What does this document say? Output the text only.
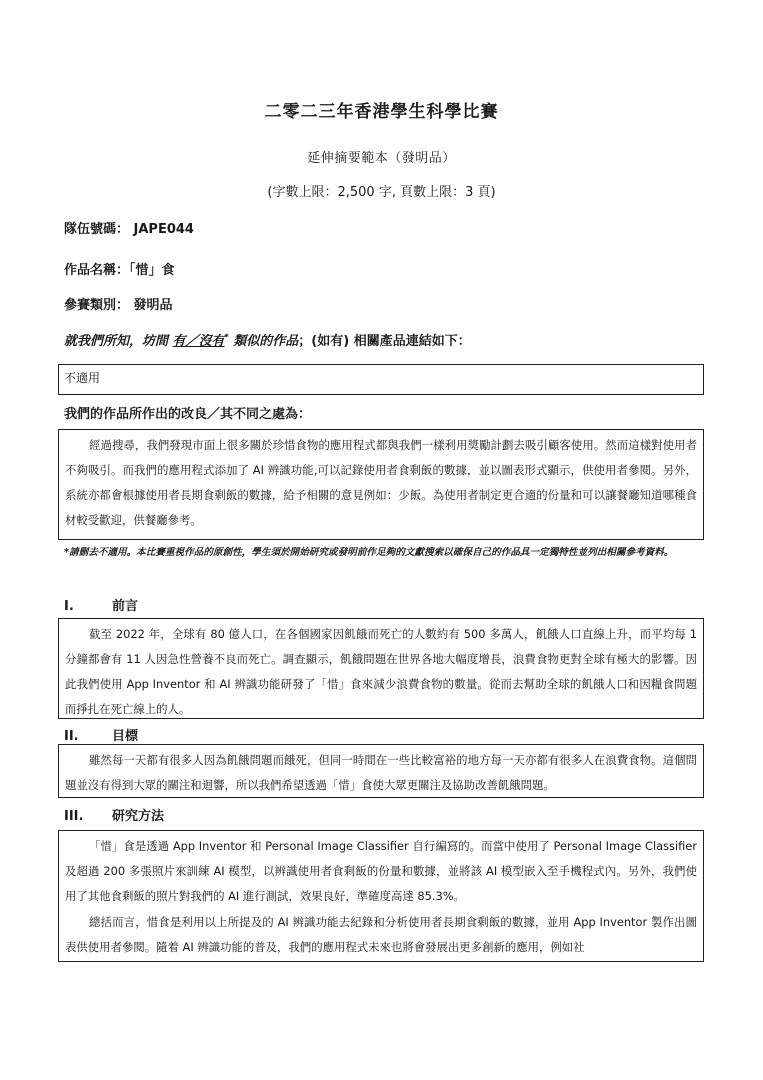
二零二三年香港學生科學比賽
延伸摘要範本（發明品）
(字數上限：2,500 字, 頁數上限：3 頁)
隊伍號碼： JAPE044
作品名稱：「惜」食
參賽類別： 發明品
就我們所知，坊間 有／沒有* 類似的作品；(如有) 相關產品連結如下：
不適用
我們的作品所作出的改良／其不同之處為：
經過搜尋，我們發現市面上很多關於珍惜食物的應用程式都與我們一樣利用獎勵計劃去吸引顧客使用。然而這樣對使用者不夠吸引。而我們的應用程式添加了 AI 辨識功能,可以記錄使用者食剩飯的數據，並以圖表形式顯示，供使用者參閱。另外，系統亦都會根據使用者長期食剩飯的數據，給予相關的意見例如：少飯。為使用者制定更合適的份量和可以讓餐廳知道哪種食材較受歡迎，供餐廳參考。
*請刪去不適用。本比賽重視作品的原創性，學生須於開始研究或發明前作足夠的文獻搜索以確保自己的作品具一定獨特性並列出相關參考資料。
I.	前言
截至 2022 年，全球有 80 億人口，在各個國家因飢餓而死亡的人數約有 500 多萬人，飢餓人口直線上升，而平均每 1 分鐘都會有 11 人因急性營養不良而死亡。調查顯示，飢餓問題在世界各地大幅度增長，浪費食物更對全球有極大的影響。因此我們使用 App Inventor 和 AI 辨識功能研發了「惜」食來減少浪費食物的數量。從而去幫助全球的飢餓人口和因糧食問題而掙扎在死亡線上的人。
II.	目標
雖然每一天都有很多人因為飢餓問題而餓死，但同一時間在一些比較富裕的地方每一天亦都有很多人在浪費食物。這個問題並沒有得到大眾的關注和迴響，所以我們希望透過「惜」食使大眾更關注及協助改善飢餓問題。
III. 研究方法
「惜」食是透過 App Inventor 和 Personal Image Classifier 自行編寫的。而當中使用了 Personal Image Classifier 及超過 200 多張照片來訓練 AI 模型，以辨識使用者食剩飯的份量和數據，並將該 AI 模型嵌入至手機程式內。另外，我們使用了其他食剩飯的照片對我們的 AI 進行測試，效果良好，準確度高達 85.3%。
總括而言，惜食是利用以上所提及的 AI 辨識功能去紀錄和分析使用者長期食剩飯的數據，並用 App Inventor 製作出圖表供使用者參閱。隨着 AI 辨識功能的普及，我們的應用程式未來也將會發展出更多創新的應用，例如社
